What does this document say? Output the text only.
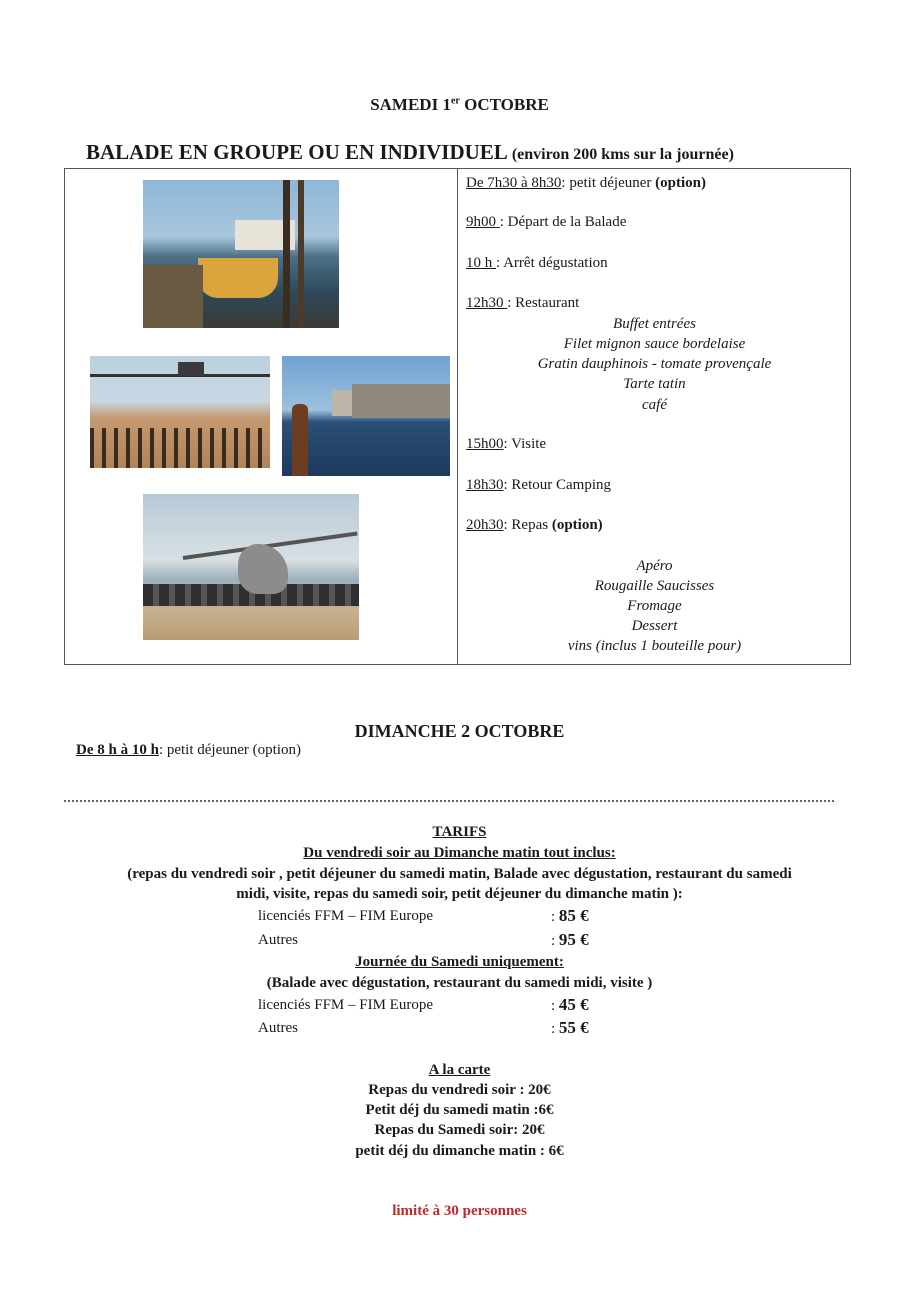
SAMEDI 1er OCTOBRE
BALADE EN GROUPE OU EN INDIVIDUEL (environ 200 kms sur la journée)
De 7h30 à 8h30: petit déjeuner (option)
9h00 : Départ de la Balade
10 h : Arrêt dégustation
12h30 : Restaurant
Buffet entrées
Filet mignon sauce bordelaise
Gratin dauphinois - tomate provençale
Tarte tatin
café
15h00: Visite
18h30: Retour Camping
20h30: Repas (option)
Apéro
Rougaille Saucisses
Fromage
Dessert
vins (inclus 1 bouteille pour)
DIMANCHE 2 OCTOBRE
De 8 h à 10 h: petit déjeuner (option)
TARIFS
Du vendredi soir au Dimanche matin tout inclus:
(repas du vendredi soir , petit déjeuner du samedi matin, Balade avec dégustation, restaurant du samedi
midi, visite, repas du samedi soir, petit déjeuner du dimanche matin ):
licenciés FFM – FIM Europe	: 85 €
Autres	: 95 €
Journée du Samedi uniquement:
(Balade avec dégustation, restaurant du samedi midi, visite )
licenciés FFM – FIM Europe	: 45 €
Autres	: 55 €
A la carte
Repas du vendredi soir : 20€
Petit déj du samedi matin :6€
Repas du Samedi soir: 20€
petit déj du dimanche matin : 6€
limité à 30 personnes
